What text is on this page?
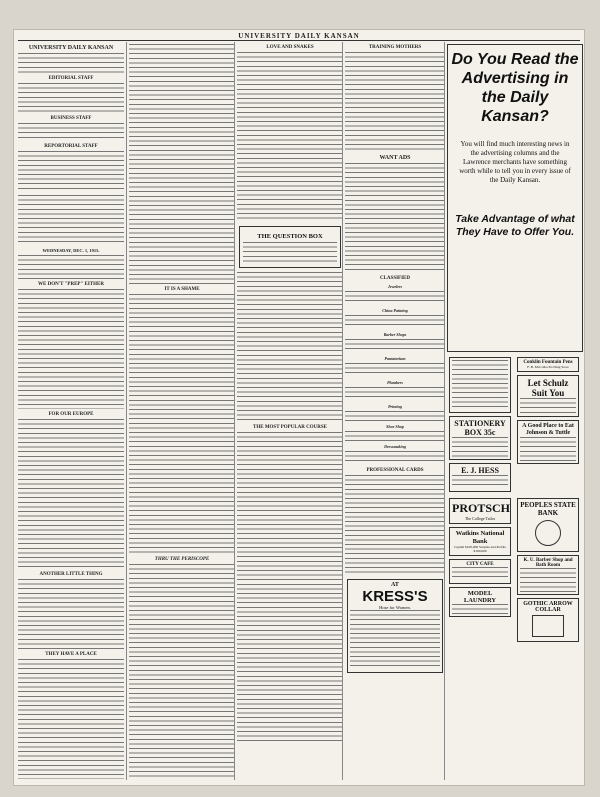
UNIVERSITY DAILY KANSAN
UNIVERSITY DAILY KANSAN
EDITORIAL STAFF
BUSINESS STAFF
REPORTORIAL STAFF
WEDNESDAY, DEC. 1, 1915.
WE DON'T "PREP" EITHER
FOR OUR EUROPE
ANOTHER LITTLE THING
THEY HAVE A PLACE
IT IS A SHAME
THRU THE PERISCOPE
LOVE AND SNAKES
THE QUESTION BOX
THE MOST POPULAR COURSE
TRAINING MOTHERS
WANT ADS
CLASSIFIED
Jewelers
China Painting
Barber Shops
Pantatorium
Plumbers
Printing
Shoe Shop
Dressmaking
PROFESSIONAL CARDS
AT
KRESS'S
Hose for Women.
Do You Read the Advertising in the Daily Kansan?
You will find much interesting news in the advertising columns and the Lawrence merchants have something worth while to tell you in every issue of the Daily Kansan.
Take Advantage of what They Have to Offer You.
STATIONERY BOX 35c
E. J. HESS
Conklin Fountain Pens
F. B. McColloch's Drug Store
Let Schulz Suit You
A Good Place to Eat Johnson & Tuttle
PROTSCH
The College Tailor
Watkins National Bank
Capital $100,000 Surplus and Profits $100,000
CITY CAFE
MODEL LAUNDRY
PEOPLES STATE BANK
K. U. Barber Shop and Bath Room
GOTHIC ARROW COLLAR
